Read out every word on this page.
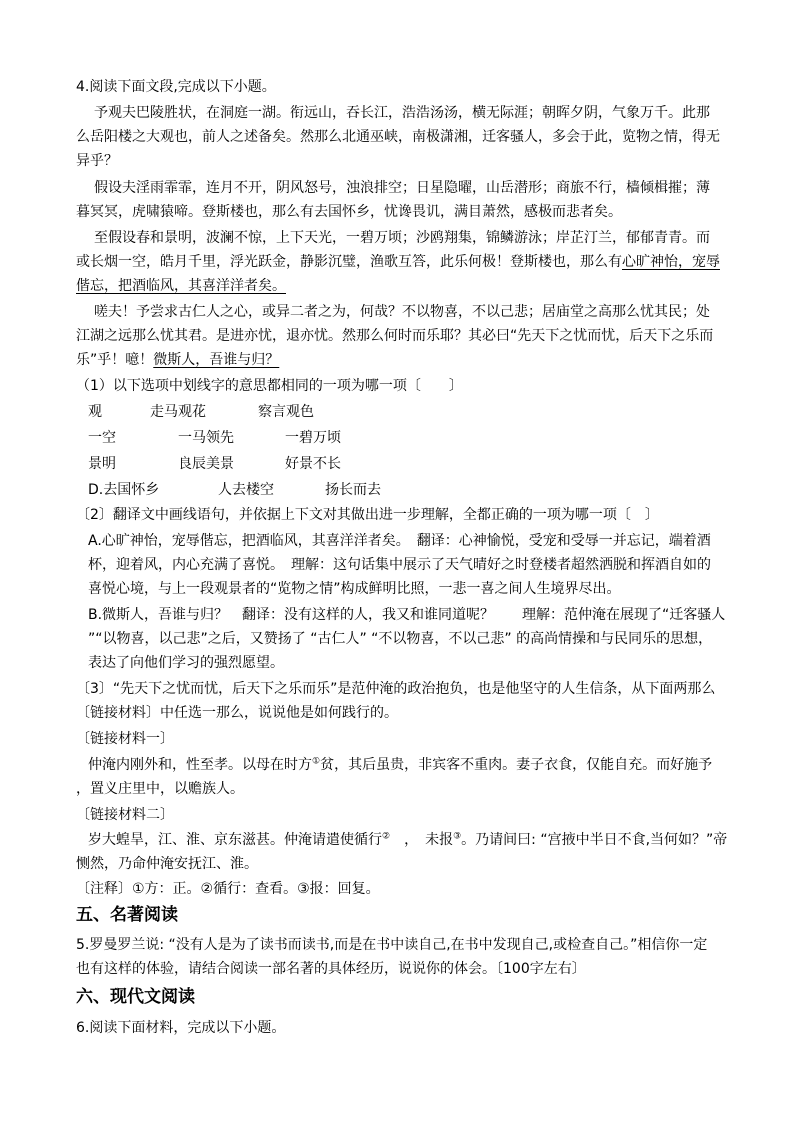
4.阅读下面文段,完成以下小题。
予观夫巴陵胜状，在洞庭一湖。衔远山，吞长江，浩浩汤汤，横无际涯；朝晖夕阴，气象万千。此那
么岳阳楼之大观也，前人之述备矣。然那么北通巫峡，南极潇湘，迁客骚人，多会于此，览物之情，得无
异乎？
假设夫淫雨霏霏，连月不开，阴风怒号，浊浪排空；日星隐曜，山岳潜形；商旅不行，樯倾楫摧；薄
暮冥冥，虎啸猿啼。登斯楼也，那么有去国怀乡，忧谗畏讥，满目萧然，感极而悲者矣。
至假设春和景明，波澜不惊，上下天光，一碧万顷；沙鸥翔集，锦鳞游泳；岸芷汀兰，郁郁青青。而
或长烟一空，皓月千里，浮光跃金，静影沉璧，渔歌互答，此乐何极！登斯楼也，那么有心旷神怡，宠辱
偕忘，把酒临风，其喜洋洋者矣。
嗟夫！予尝求古仁人之心，或异二者之为，何哉？不以物喜，不以己悲；居庙堂之高那么忧其民；处
江湖之远那么忧其君。是进亦忧，退亦忧。然那么何时而乐耶？其必曰“先天下之忧而忧，后天下之乐而
乐”乎！噫！微斯人，吾谁与归？
（1）以下选项中划线字的意思都相同的一项为哪一项〔　　〕
观	走马观花	察言观色
一空	一马领先	一碧万顷
景明	良辰美景	好景不长
D.去国怀乡	人去楼空	扬长而去
〔2〕翻译文中画线语句，并依据上下文对其做出进一步理解，全都正确的一项为哪一项〔　〕
A.心旷神怡，宠辱偕忘，把酒临风，其喜洋洋者矣。　翻译：心神愉悦，受宠和受辱一并忘记，端着酒
杯，迎着风，内心充满了喜悦。　理解：这句话集中展示了天气晴好之时登楼者超然洒脱和挥酒自如的
喜悦心境，与上一段观景者的“览物之情”构成鲜明比照，一悲一喜之间人生境界尽出。
B.微斯人，吾谁与归？　翻译：没有这样的人，我又和谁同道呢？　　理解：范仲淹在展现了“迁客骚人
”“以物喜，以己悲”之后，又赞扬了 “古仁人” “不以物喜，不以己悲” 的高尚情操和与民同乐的思想，
表达了向他们学习的强烈愿望。
〔3〕“先天下之忧而忧，后天下之乐而乐”是范仲淹的政治抱负，也是他坚守的人生信条，从下面两那么
〔链接材料〕中任选一那么，说说他是如何践行的。
〔链接材料一〕
仲淹内刚外和，性至孝。以母在时方①贫，其后虽贵，非宾客不重肉。妻子衣食，仅能自充。而好施予
，置义庄里中，以赡族人。
〔链接材料二〕
岁大蝗旱，江、淮、京东滋甚。仲淹请遣使循行②　，　未报③。乃请间曰: “宫掖中半日不食,当何如？”帝
恻然，乃命仲淹安抚江、淮。
〔注释〕①方：正。②循行：查看。③报：回复。
五、名著阅读
5.罗曼罗兰说: “没有人是为了读书而读书,而是在书中读自己,在书中发现自己,或检查自己。”相信你一定
也有这样的体验，请结合阅读一部名著的具体经历，说说你的体会。〔100字左右〕
六、现代文阅读
6.阅读下面材料，完成以下小题。
